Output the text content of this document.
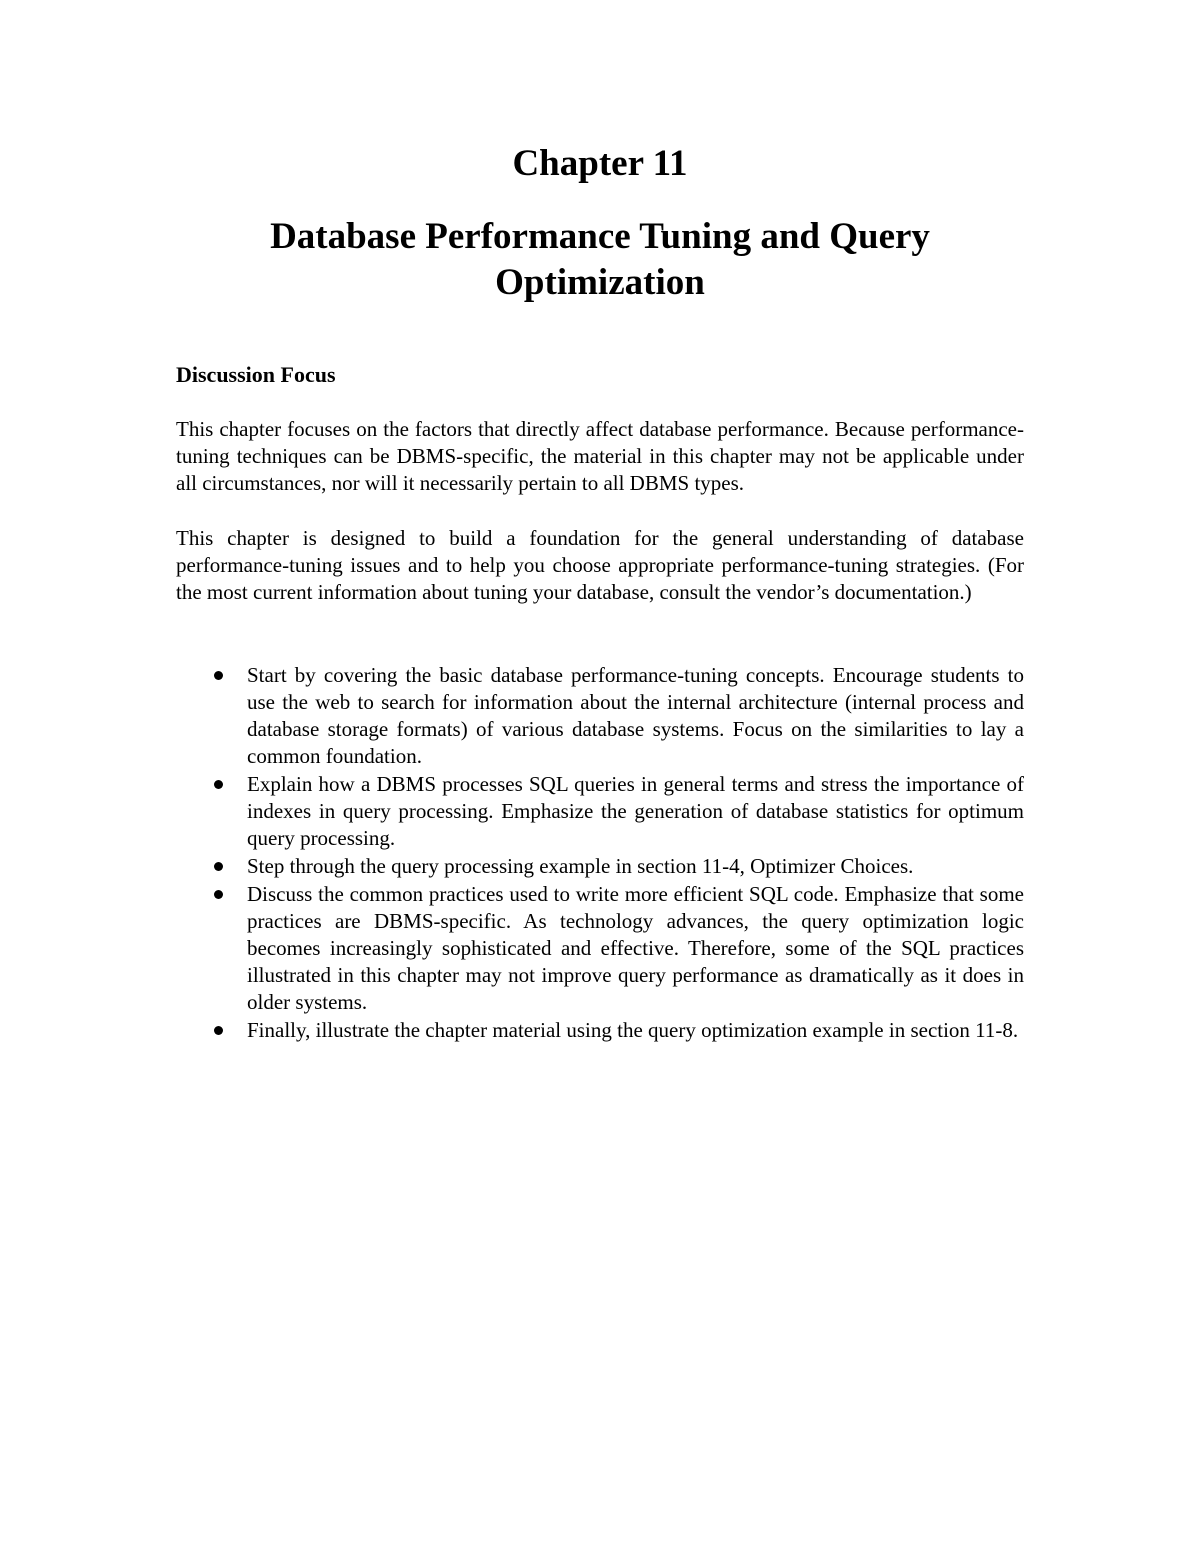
Chapter 11
Database Performance Tuning and Query
Optimization
Discussion Focus

This chapter focuses on the factors that directly affect database performance. Because performance-tuning techniques can be DBMS-specific, the material in this chapter may not be applicable under all circumstances, nor will it necessarily pertain to all DBMS types.

This chapter is designed to build a foundation for the general understanding of database performance-tuning issues and to help you choose appropriate performance-tuning strategies. (For the most current information about tuning your database, consult the vendor’s documentation.)

Start by covering the basic database performance-tuning concepts. Encourage students to use the web to search for information about the internal architecture (internal process and database storage formats) of various database systems. Focus on the similarities to lay a common foundation.
Explain how a DBMS processes SQL queries in general terms and stress the importance of indexes in query processing. Emphasize the generation of database statistics for optimum query processing.
Step through the query processing example in section 11-4, Optimizer Choices.
Discuss the common practices used to write more efficient SQL code. Emphasize that some practices are DBMS-specific. As technology advances, the query optimization logic becomes increasingly sophisticated and effective. Therefore, some of the SQL practices illustrated in this chapter may not improve query performance as dramatically as it does in older systems.
Finally, illustrate the chapter material using the query optimization example in section 11-8.
